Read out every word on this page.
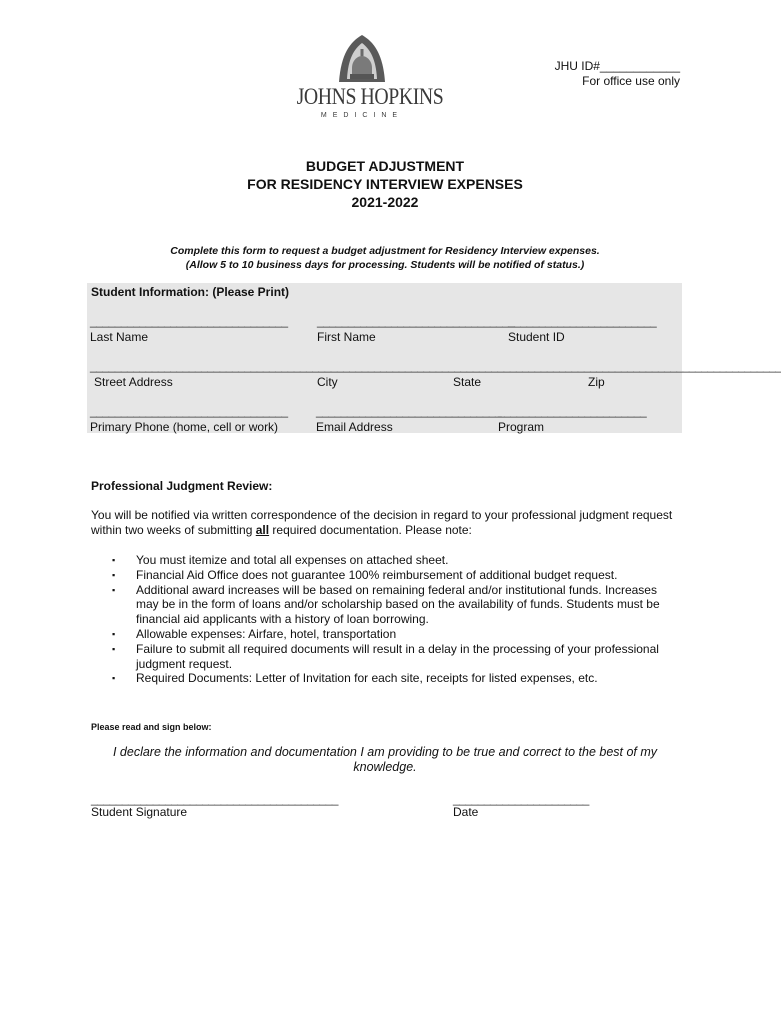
JOHNS HOPKINS
MEDICINE
JHU ID#____________
For office use only
BUDGET ADJUSTMENT
FOR RESIDENCY INTERVIEW EXPENSES
2021-2022
Complete this form to request a budget adjustment for Residency Interview expenses.
(Allow 5 to 10 business days for processing. Students will be notified of status.)
Student Information: (Please Print)
________________________________
Last Name
________________________________
First Name
________________________
Student ID
________________________________________________________________________________________________________________
Street Address	City	State	Zip
________________________________
Primary Phone (home, cell or work)
______________________________
Email Address
________________________
Program
Professional Judgment Review:
You will be notified via written correspondence of the decision in regard to your professional judgment request within two weeks of submitting all required documentation. Please note:
▪ You must itemize and total all expenses on attached sheet.
▪ Financial Aid Office does not guarantee 100% reimbursement of additional budget request.
▪ Additional award increases will be based on remaining federal and/or institutional funds. Increases may be in the form of loans and/or scholarship based on the availability of funds. Students must be financial aid applicants with a history of loan borrowing.
▪ Allowable expenses: Airfare, hotel, transportation
▪ Failure to submit all required documents will result in a delay in the processing of your professional judgment request.
▪ Required Documents: Letter of Invitation for each site, receipts for listed expenses, etc.
Please read and sign below:
I declare the information and documentation I am providing to be true and correct to the best of my knowledge.
________________________________________
Student Signature
______________________
Date
